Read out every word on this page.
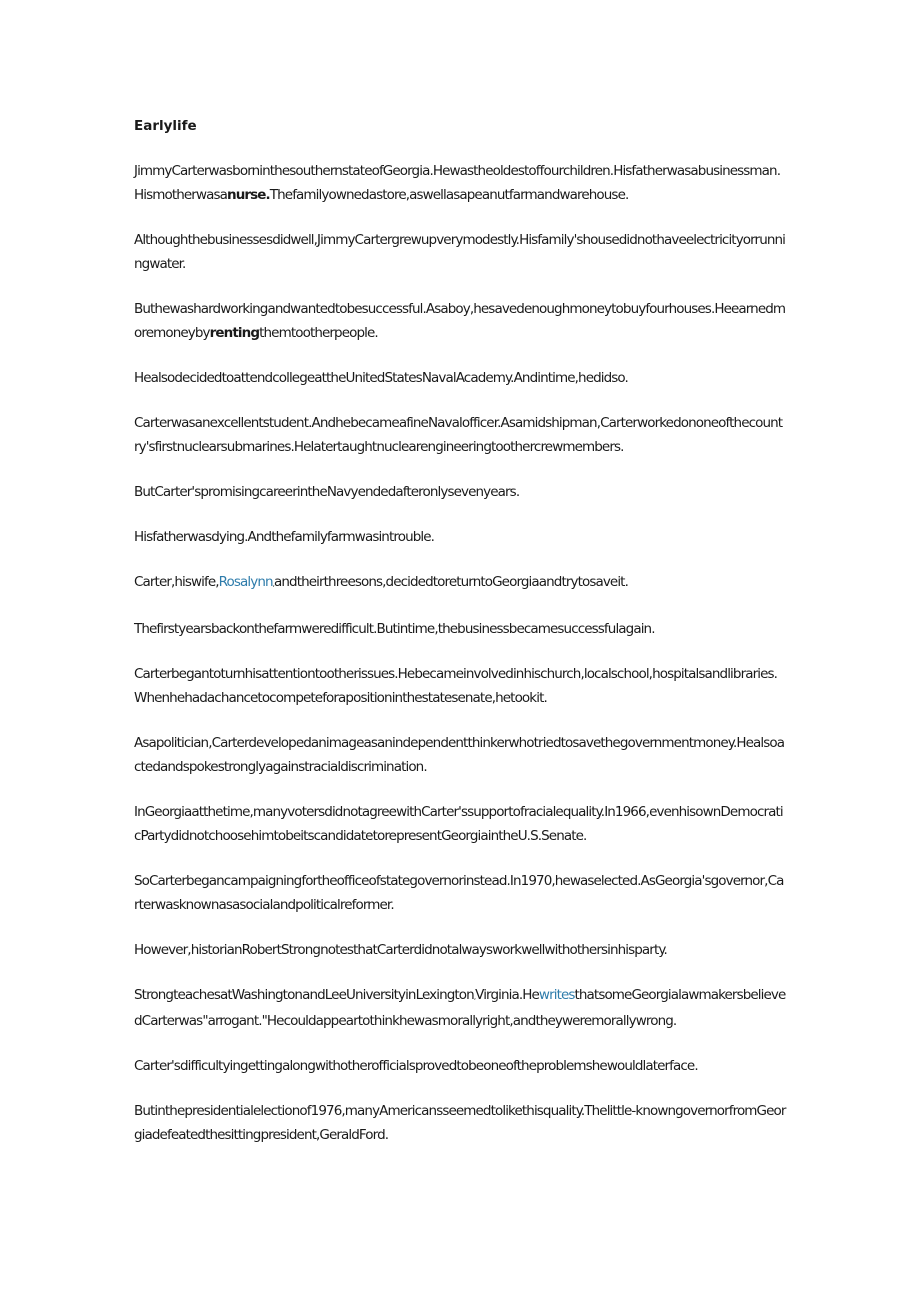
Earlylife

JimmyCarterwasborninthesouthernstateofGeorgia.Hewastheoldestoffourchildren.Hisfatherwasabusinessman.Hismotherwasanurse.Thefamilyownedastore,aswellasapeanutfarmandwarehouse.

Althoughthebusinessesdidwell,JimmyCartergrewupverymodestly.Hisfamily'shousedidnothaveelectricityorrunningwater.

Buthewashardworkingandwantedtobesuccessful.Asaboy,hesavedenoughmoneytobuyfourhouses.Heearnedmoremoneybyrentingthemtootherpeople.

HealsodecidedtoattendcollegeattheUnitedStatesNavalAcademy.Andintime,hedidso.

Carterwasanexcellentstudent.AndhebecameafineNavalofficer.Asamidshipman,Carterworkedononeofthecountry'sfirstnuclearsubmarines.Helatertaughtnuclearengineeringtoothercrewmembers.

ButCarter'spromisingcareerintheNavyendedafteronlysevenyears.

Hisfatherwasdying.Andthefamilyfarmwasintrouble.

Carter,hiswife,Rosalynn,andtheirthreesons,decidedtoreturntoGeorgiaandtrytosaveit.

Thefirstyearsbackonthefarmweredifficult.Butintime,thebusinessbecamesuccessfulagain.

Carterbegantoturnhisattentiontootherissues.Hebecameinvolvedinhischurch,localschool,hospitalsandlibraries.Whenhehadachancetocompeteforapositioninthestatesenate,hetookit.

Asapolitician,Carterdevelopedanimageasanindependentthinkerwhotriedtosavethegovernmentmoney.Healsoactedandspokestronglyagainstracialdiscrimination.

InGeorgiaatthetime,manyvotersdidnotagreewithCarter'ssupportofracialequality.In1966,evenhisownDemocraticPartydidnotchoosehimtobeitscandidatetorepresentGeorgiaintheU.S.Senate.

SoCarterbegancampaigningfortheofficeofstategovernorinstead.In1970,hewaselected.AsGeorgia'sgovernor,Carterwasknownasasocialandpoliticalreformer.

However,historianRobertStrongnotesthatCarterdidnotalwaysworkwellwithothersinhisparty.

StrongteachesatWashingtonandLeeUniversityinLexington,Virginia.HewritesthatsomeGeorgialawmakersbelievedCarterwas"arrogant."Hecouldappeartothinkhewasmorallyright,andtheyweremorallywrong.

Carter'sdifficultyingettingalongwithotherofficialsprovedtobeoneoftheproblemshewouldlaterface.

Butinthepresidentialelectionof1976,manyAmericansseemedtolikethisquality.Thelittle-knowngovernorfromGeorgiadefeatedthesittingpresident,GeraldFord.
